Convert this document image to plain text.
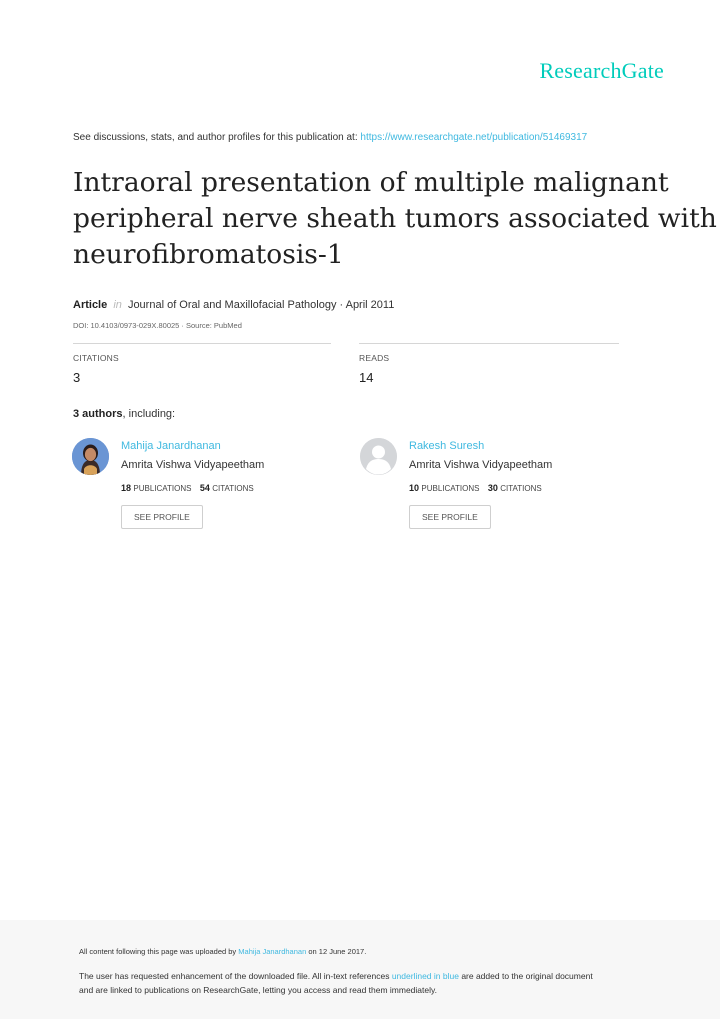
ResearchGate
See discussions, stats, and author profiles for this publication at: https://www.researchgate.net/publication/51469317
Intraoral presentation of multiple malignant
peripheral nerve sheath tumors associated with
neurofibromatosis-1
Article in Journal of Oral and Maxillofacial Pathology · April 2011
DOI: 10.4103/0973-029X.80025 · Source: PubMed
CITATIONS
3
READS
14
3 authors, including:
Mahija Janardhanan
Amrita Vishwa Vidyapeetham
18 PUBLICATIONS 54 CITATIONS
SEE PROFILE
Rakesh Suresh
Amrita Vishwa Vidyapeetham
10 PUBLICATIONS 30 CITATIONS
SEE PROFILE
All content following this page was uploaded by Mahija Janardhanan on 12 June 2017.
The user has requested enhancement of the downloaded file. All in-text references underlined in blue are added to the original document
and are linked to publications on ResearchGate, letting you access and read them immediately.
